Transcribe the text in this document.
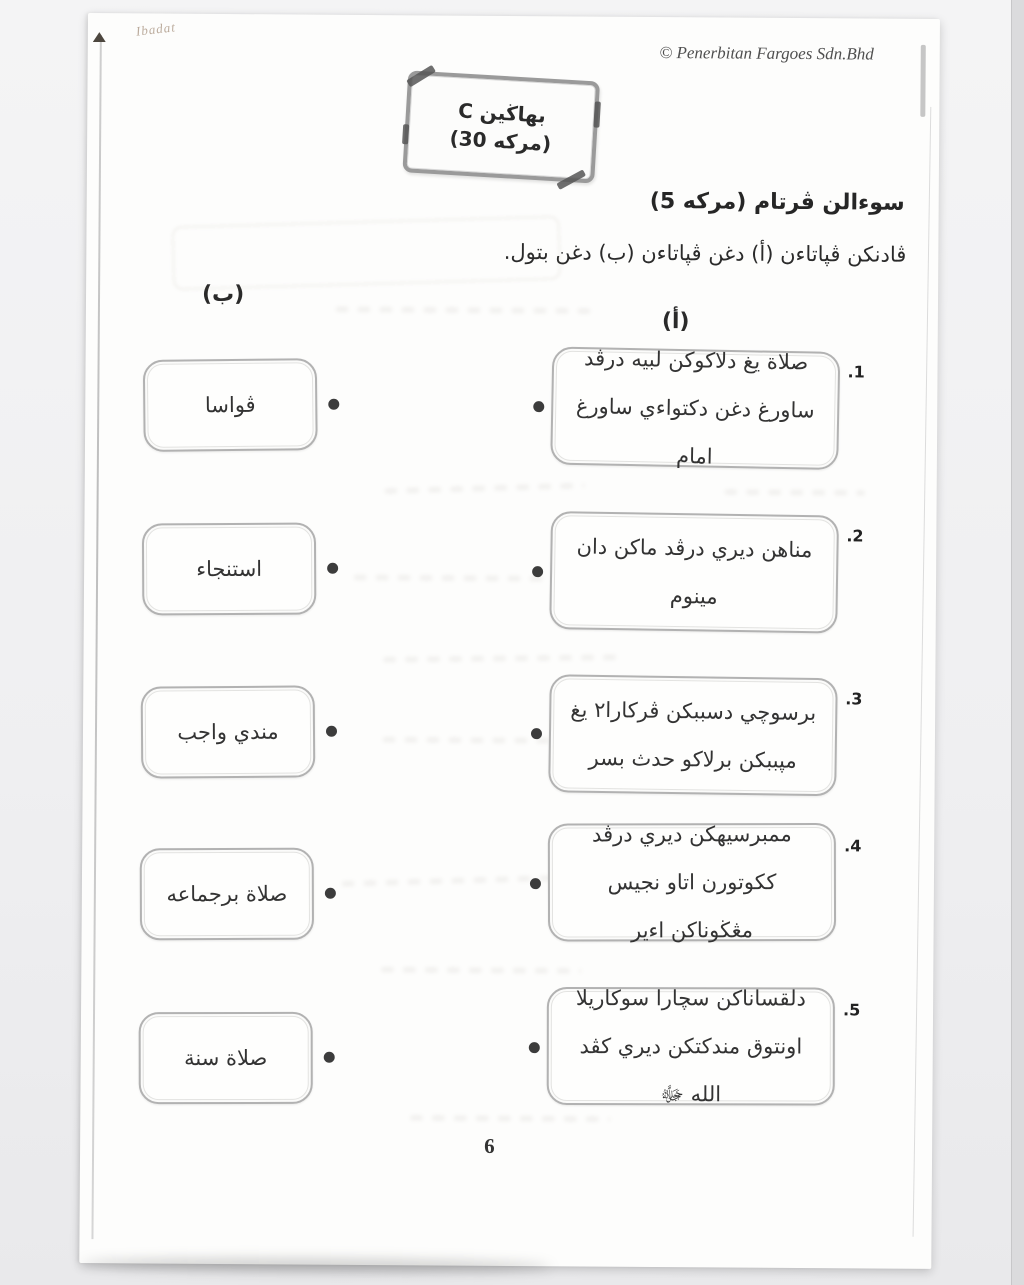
Ibadat
© Penerbitan Fargoes Sdn.Bhd
بهاڬين C
(30 مركه)
سوءالن ڤرتام (5 مركه)
ڤادنكن ڤڽاتاءن (أ) دغن ڤڽاتاءن (ب) دغن بتول.
(ب)
(أ)
1.
صلاة يغ دلاكوكن لبيه درڤد ساورغ دغن دكتواءي ساورغ امام
2.
مناهن ديري درڤد ماكن دان مينوم
3.
برسوچي دسببكن ڤركارا٢ يغ مڽببكن برلاكو حدث بسر
4.
ممبرسيهكن ديري درڤد ككوتورن اتاو نجيس مڠڬوناكن اءير
5.
دلقساناكن سچارا سوكاريلا اونتوق مندكتكن ديري كڤد الله ﷻ
ڤواسا
استنجاء
مندي واجب
صلاة برجماعه
صلاة سنة
6
